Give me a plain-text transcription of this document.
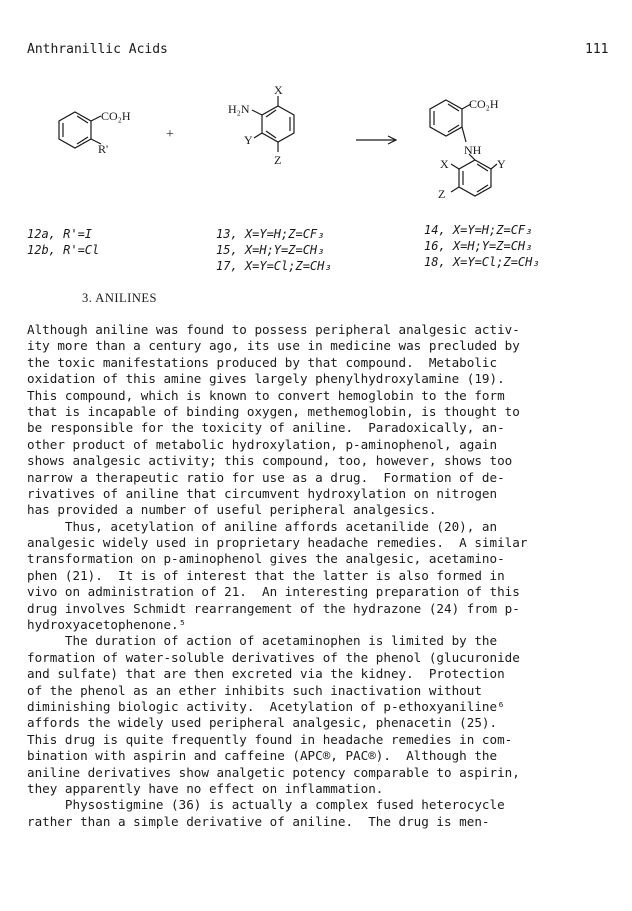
Anthranillic Acids	111
CO₂H
R'
+
X
H₂N
Y
Z
CO₂H
NH
X	Y
Z
12a, R'=I
12b, R'=Cl
13, X=Y=H;Z=CF₃
15, X=H;Y=Z=CH₃
17, X=Y=Cl;Z=CH₃
14, X=Y=H;Z=CF₃
16, X=H;Y=Z=CH₃
18, X=Y=Cl;Z=CH₃
3. ANILINES
Although aniline was found to possess peripheral analgesic activ-
ity more than a century ago, its use in medicine was precluded by
the toxic manifestations produced by that compound.  Metabolic
oxidation of this amine gives largely phenylhydroxylamine (19).
This compound, which is known to convert hemoglobin to the form
that is incapable of binding oxygen, methemoglobin, is thought to
be responsible for the toxicity of aniline.  Paradoxically, an-
other product of metabolic hydroxylation, p-aminophenol, again
shows analgesic activity; this compound, too, however, shows too
narrow a therapeutic ratio for use as a drug.  Formation of de-
rivatives of aniline that circumvent hydroxylation on nitrogen
has provided a number of useful peripheral analgesics.
Thus, acetylation of aniline affords acetanilide (20), an
analgesic widely used in proprietary headache remedies.  A similar
transformation on p-aminophenol gives the analgesic, acetamino-
phen (21).  It is of interest that the latter is also formed in
vivo on administration of 21.  An interesting preparation of this
drug involves Schmidt rearrangement of the hydrazone (24) from p-
hydroxyacetophenone.⁵
The duration of action of acetaminophen is limited by the
formation of water-soluble derivatives of the phenol (glucuronide
and sulfate) that are then excreted via the kidney.  Protection
of the phenol as an ether inhibits such inactivation without
diminishing biologic activity.  Acetylation of p-ethoxyaniline⁶
affords the widely used peripheral analgesic, phenacetin (25).
This drug is quite frequently found in headache remedies in com-
bination with aspirin and caffeine (APC®, PAC®).  Although the
aniline derivatives show analgetic potency comparable to aspirin,
they apparently have no effect on inflammation.
Physostigmine (36) is actually a complex fused heterocycle
rather than a simple derivative of aniline.  The drug is men-
